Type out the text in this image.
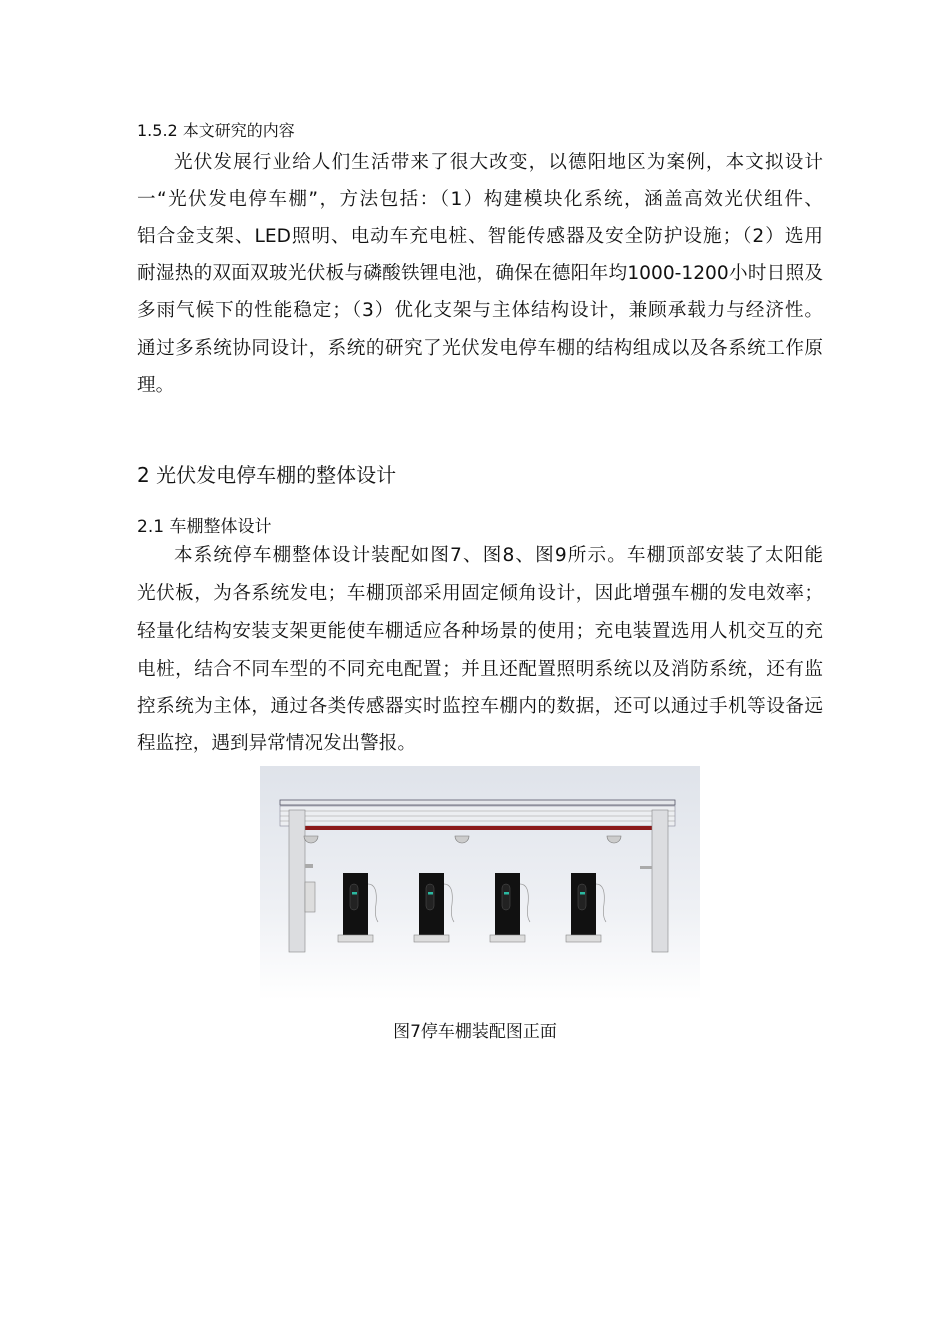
1.5.2 本文研究的内容
光伏发展行业给人们生活带来了很大改变，以德阳地区为案例，本文拟设计
一“光伏发电停车棚”，方法包括：（1）构建模块化系统，涵盖高效光伏组件、
铝合金支架、LED照明、电动车充电桩、智能传感器及安全防护设施；（2）选用
耐湿热的双面双玻光伏板与磷酸铁锂电池，确保在德阳年均1000-1200小时日照及
多雨气候下的性能稳定；（3）优化支架与主体结构设计，兼顾承载力与经济性。
通过多系统协同设计，系统的研究了光伏发电停车棚的结构组成以及各系统工作原
理。
2 光伏发电停车棚的整体设计
2.1 车棚整体设计
本系统停车棚整体设计装配如图7、图8、图9所示。车棚顶部安装了太阳能
光伏板，为各系统发电；车棚顶部采用固定倾角设计，因此增强车棚的发电效率；
轻量化结构安装支架更能使车棚适应各种场景的使用；充电装置选用人机交互的充
电桩，结合不同车型的不同充电配置；并且还配置照明系统以及消防系统，还有监
控系统为主体，通过各类传感器实时监控车棚内的数据，还可以通过手机等设备远
程监控，遇到异常情况发出警报。
图7停车棚装配图正面
